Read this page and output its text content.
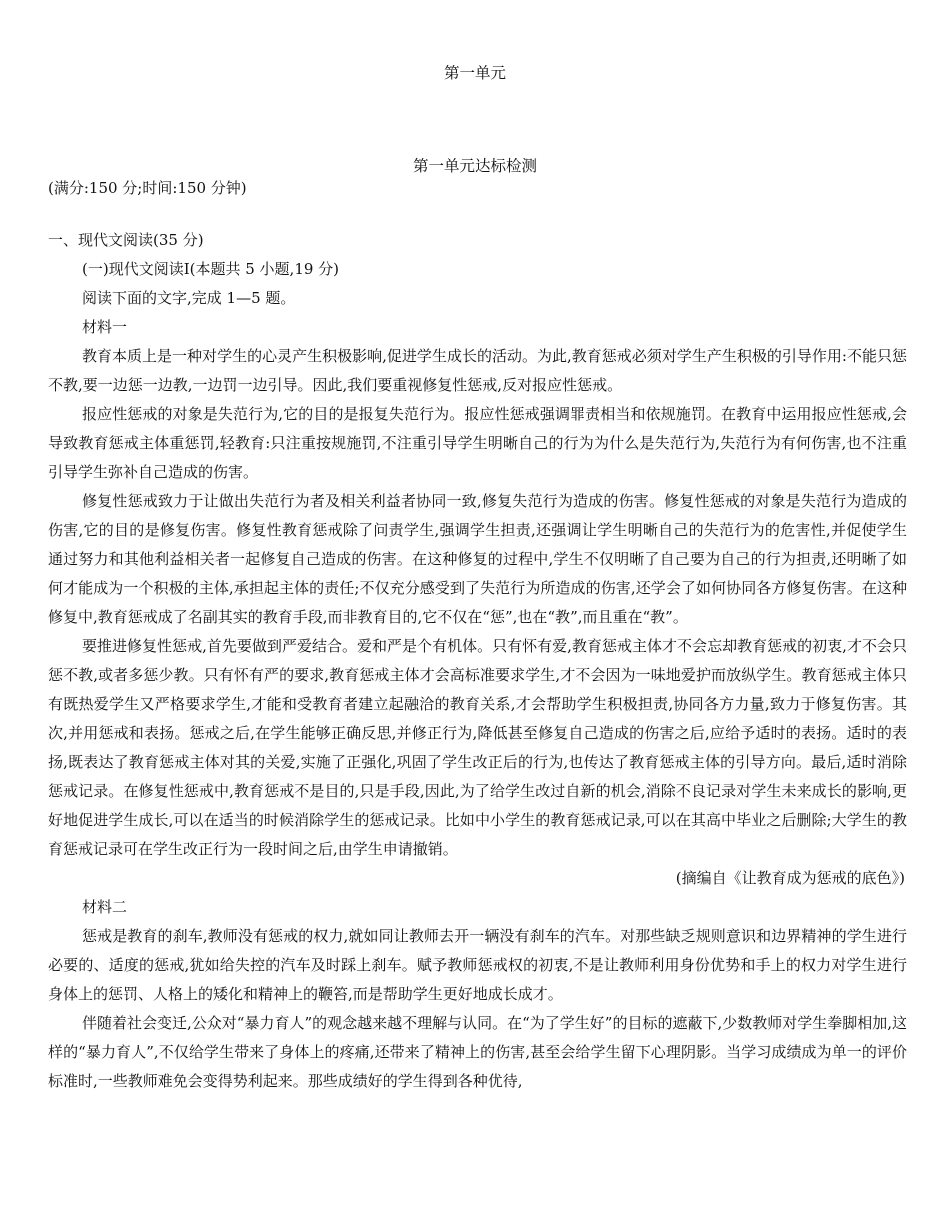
第一单元
第一单元达标检测
(满分:150 分;时间:150 分钟)

一、现代文阅读(35 分)

(一)现代文阅读Ⅰ(本题共 5 小题,19 分)

阅读下面的文字,完成 1—5 题。

材料一

教育本质上是一种对学生的心灵产生积极影响,促进学生成长的活动。为此,教育惩戒必须对学生产生积极的引导作用:不能只惩不教,要一边惩一边教,一边罚一边引导。因此,我们要重视修复性惩戒,反对报应性惩戒。

报应性惩戒的对象是失范行为,它的目的是报复失范行为。报应性惩戒强调罪责相当和依规施罚。在教育中运用报应性惩戒,会导致教育惩戒主体重惩罚,轻教育:只注重按规施罚,不注重引导学生明晰自己的行为为什么是失范行为,失范行为有何伤害,也不注重引导学生弥补自己造成的伤害。

修复性惩戒致力于让做出失范行为者及相关利益者协同一致,修复失范行为造成的伤害。修复性惩戒的对象是失范行为造成的伤害,它的目的是修复伤害。修复性教育惩戒除了问责学生,强调学生担责,还强调让学生明晰自己的失范行为的危害性,并促使学生通过努力和其他利益相关者一起修复自己造成的伤害。在这种修复的过程中,学生不仅明晰了自己要为自己的行为担责,还明晰了如何才能成为一个积极的主体,承担起主体的责任;不仅充分感受到了失范行为所造成的伤害,还学会了如何协同各方修复伤害。在这种修复中,教育惩戒成了名副其实的教育手段,而非教育目的,它不仅在“惩”,也在“教”,而且重在“教”。

要推进修复性惩戒,首先要做到严爱结合。爱和严是个有机体。只有怀有爱,教育惩戒主体才不会忘却教育惩戒的初衷,才不会只惩不教,或者多惩少教。只有怀有严的要求,教育惩戒主体才会高标准要求学生,才不会因为一味地爱护而放纵学生。教育惩戒主体只有既热爱学生又严格要求学生,才能和受教育者建立起融洽的教育关系,才会帮助学生积极担责,协同各方力量,致力于修复伤害。其次,并用惩戒和表扬。惩戒之后,在学生能够正确反思,并修正行为,降低甚至修复自己造成的伤害之后,应给予适时的表扬。适时的表扬,既表达了教育惩戒主体对其的关爱,实施了正强化,巩固了学生改正后的行为,也传达了教育惩戒主体的引导方向。最后,适时消除惩戒记录。在修复性惩戒中,教育惩戒不是目的,只是手段,因此,为了给学生改过自新的机会,消除不良记录对学生未来成长的影响,更好地促进学生成长,可以在适当的时候消除学生的惩戒记录。比如中小学生的教育惩戒记录,可以在其高中毕业之后删除;大学生的教育惩戒记录可在学生改正行为一段时间之后,由学生申请撤销。

(摘编自《让教育成为惩戒的底色》)

材料二

惩戒是教育的刹车,教师没有惩戒的权力,就如同让教师去开一辆没有刹车的汽车。对那些缺乏规则意识和边界精神的学生进行必要的、适度的惩戒,犹如给失控的汽车及时踩上刹车。赋予教师惩戒权的初衷,不是让教师利用身份优势和手上的权力对学生进行身体上的惩罚、人格上的矮化和精神上的鞭笞,而是帮助学生更好地成长成才。

伴随着社会变迁,公众对“暴力育人”的观念越来越不理解与认同。在“为了学生好”的目标的遮蔽下,少数教师对学生拳脚相加,这样的“暴力育人”,不仅给学生带来了身体上的疼痛,还带来了精神上的伤害,甚至会给学生留下心理阴影。当学习成绩成为单一的评价标准时,一些教师难免会变得势利起来。那些成绩好的学生得到各种优待,
